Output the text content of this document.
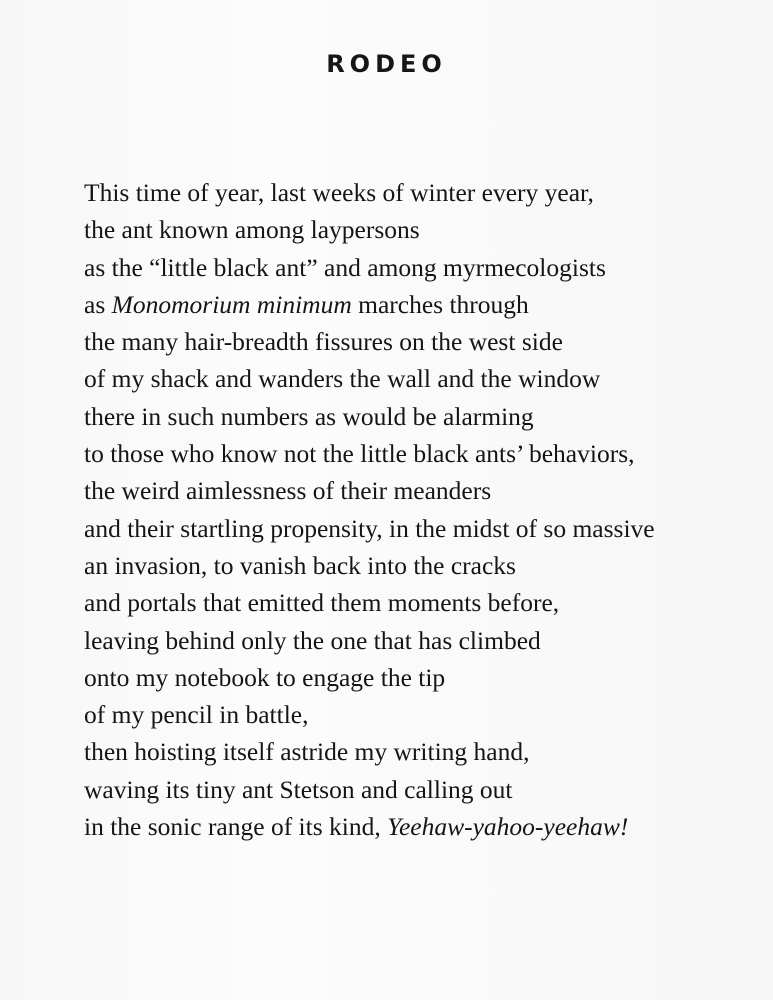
RODEO
This time of year, last weeks of winter every year,
the ant known among laypersons
as the “little black ant” and among myrmecologists
as Monomorium minimum marches through
the many hair-breadth fissures on the west side
of my shack and wanders the wall and the window
there in such numbers as would be alarming
to those who know not the little black ants’ behaviors,
the weird aimlessness of their meanders
and their startling propensity, in the midst of so massive
an invasion, to vanish back into the cracks
and portals that emitted them moments before,
leaving behind only the one that has climbed
onto my notebook to engage the tip
of my pencil in battle,
then hoisting itself astride my writing hand,
waving its tiny ant Stetson and calling out
in the sonic range of its kind, Yeehaw-yahoo-yeehaw!
